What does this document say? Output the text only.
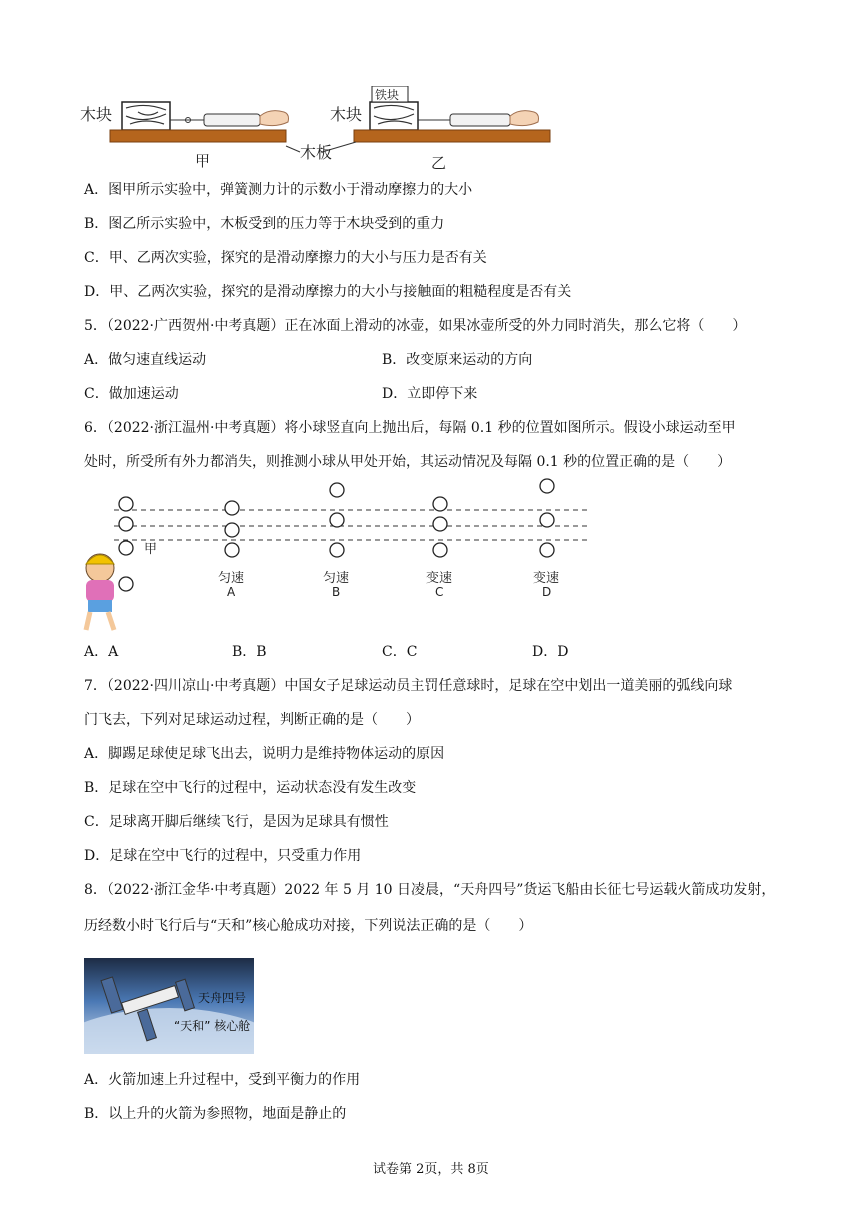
木块	木块
铁块
木板
甲	乙
A．图甲所示实验中，弹簧测力计的示数小于滑动摩擦力的大小
B．图乙所示实验中，木板受到的压力等于木块受到的重力
C．甲、乙两次实验，探究的是滑动摩擦力的大小与压力是否有关
D．甲、乙两次实验，探究的是滑动摩擦力的大小与接触面的粗糙程度是否有关
5．（2022·广西贺州·中考真题）正在冰面上滑动的冰壶，如果冰壶所受的外力同时消失，那么它将（　　）
A．做匀速直线运动	B．改变原来运动的方向
C．做加速运动	D．立即停下来
6．（2022·浙江温州·中考真题）将小球竖直向上抛出后，每隔 0.1 秒的位置如图所示。假设小球运动至甲
处时，所受所有外力都消失，则推测小球从甲处开始，其运动情况及每隔 0.1 秒的位置正确的是（　　）
甲
匀速	匀速	变速	变速
A	B	C	D
A．A	B．B	C．C	D．D
7．（2022·四川凉山·中考真题）中国女子足球运动员主罚任意球时，足球在空中划出一道美丽的弧线向球
门飞去，下列对足球运动过程，判断正确的是（　　）
A．脚踢足球使足球飞出去，说明力是维持物体运动的原因
B．足球在空中飞行的过程中，运动状态没有发生改变
C．足球离开脚后继续飞行，是因为足球具有惯性
D．足球在空中飞行的过程中，只受重力作用
8．（2022·浙江金华·中考真题）2022 年 5 月 10 日凌晨，“天舟四号”货运飞船由长征七号运载火箭成功发射，
历经数小时飞行后与“天和”核心舱成功对接，下列说法正确的是（　　）
天舟四号
“天和” 核心舱
A．火箭加速上升过程中，受到平衡力的作用
B．以上升的火箭为参照物，地面是静止的
试卷第 2页，共 8页
